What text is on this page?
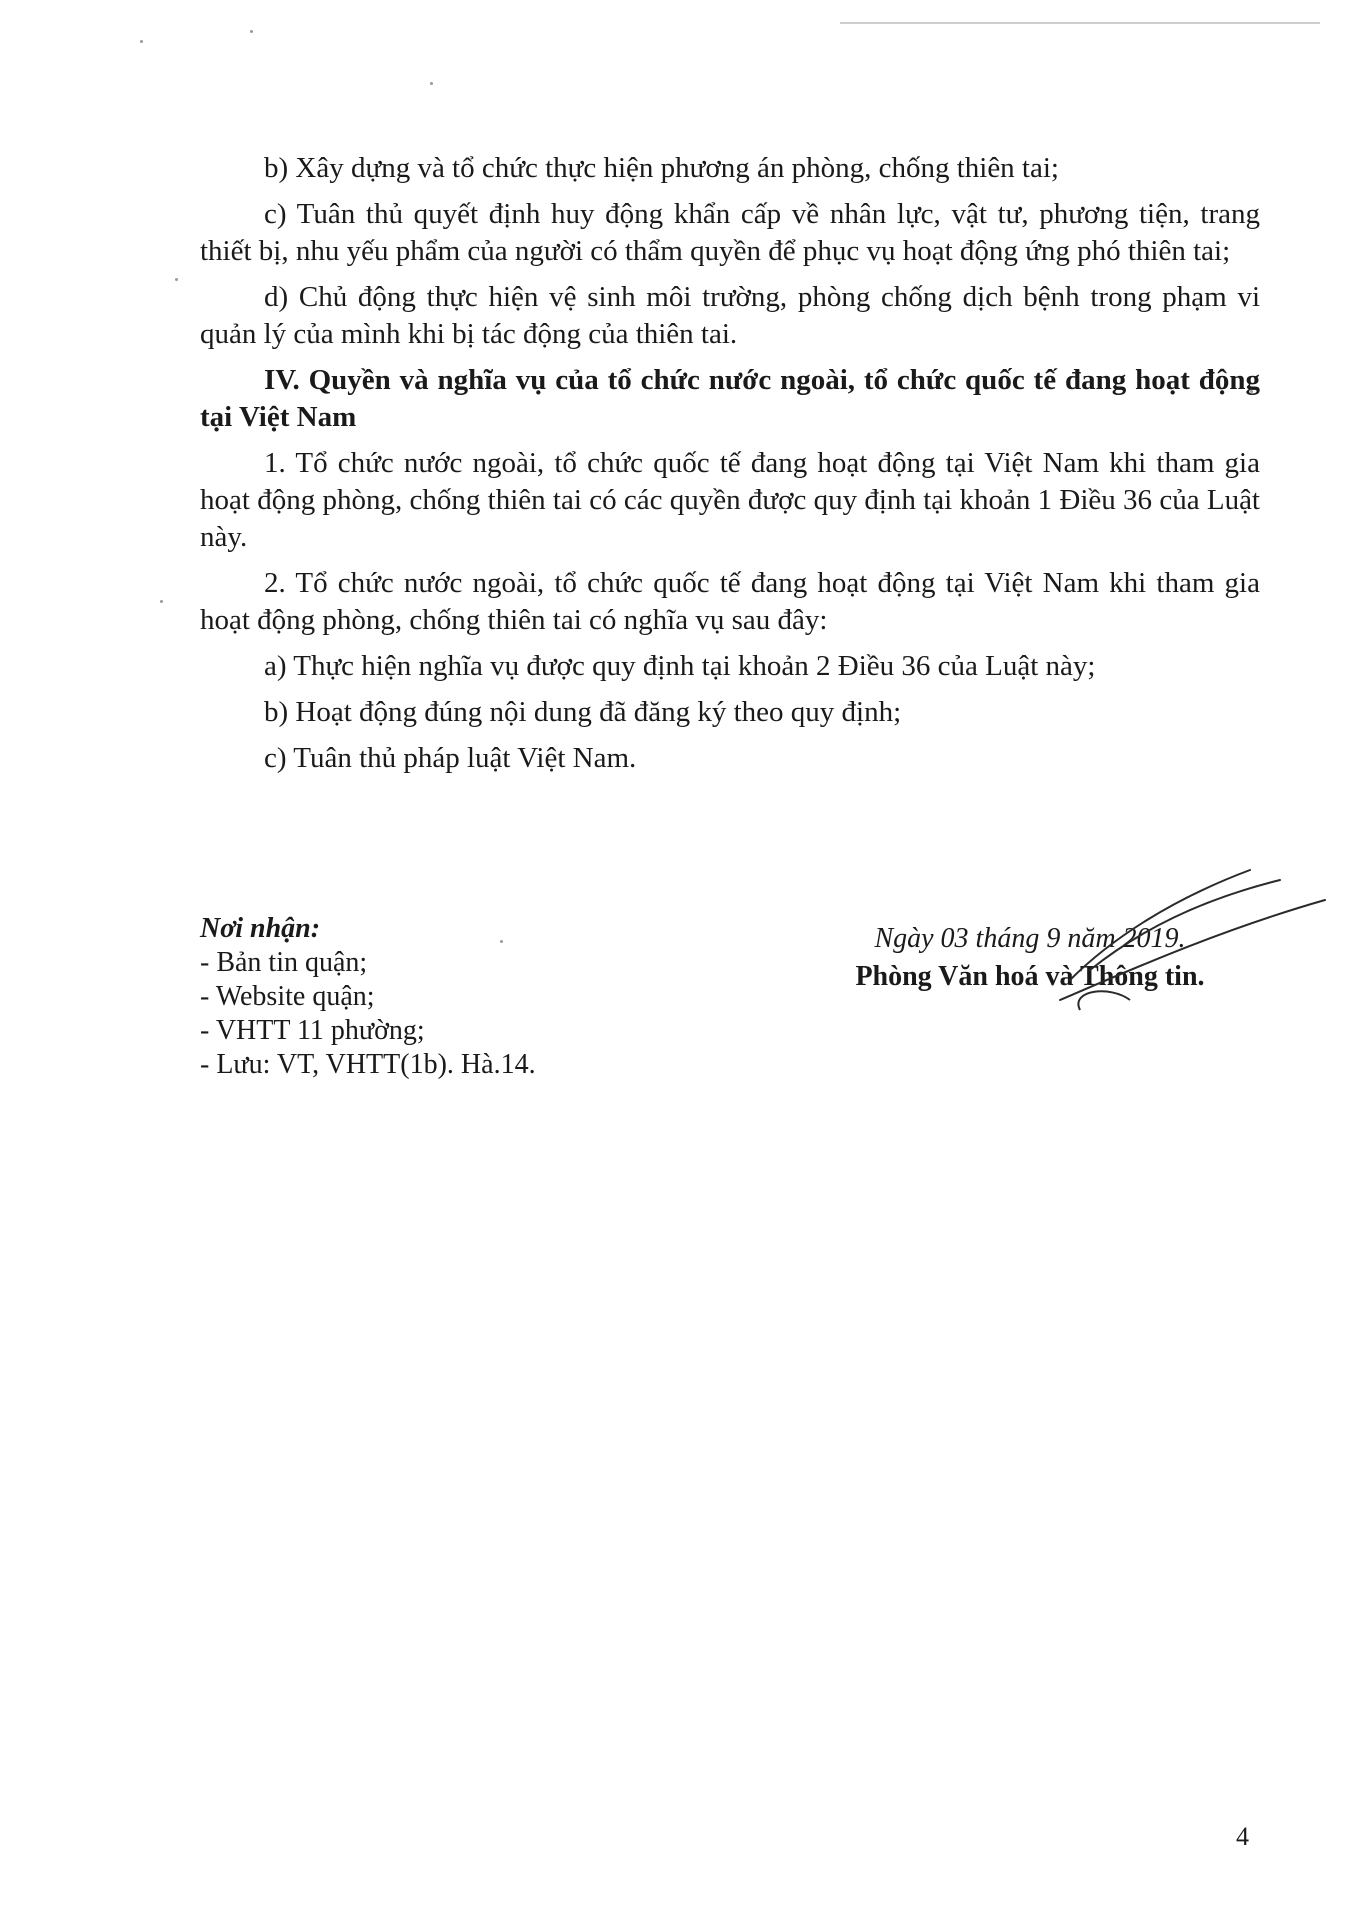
b) Xây dựng và tổ chức thực hiện phương án phòng, chống thiên tai;

c) Tuân thủ quyết định huy động khẩn cấp về nhân lực, vật tư, phương tiện, trang thiết bị, nhu yếu phẩm của người có thẩm quyền để phục vụ hoạt động ứng phó thiên tai;

d) Chủ động thực hiện vệ sinh môi trường, phòng chống dịch bệnh trong phạm vi quản lý của mình khi bị tác động của thiên tai.

IV. Quyền và nghĩa vụ của tổ chức nước ngoài, tổ chức quốc tế đang hoạt động tại Việt Nam

1. Tổ chức nước ngoài, tổ chức quốc tế đang hoạt động tại Việt Nam khi tham gia hoạt động phòng, chống thiên tai có các quyền được quy định tại khoản 1 Điều 36 của Luật này.

2. Tổ chức nước ngoài, tổ chức quốc tế đang hoạt động tại Việt Nam khi tham gia hoạt động phòng, chống thiên tai có nghĩa vụ sau đây:

a) Thực hiện nghĩa vụ được quy định tại khoản 2 Điều 36 của Luật này;

b) Hoạt động đúng nội dung đã đăng ký theo quy định;

c) Tuân thủ pháp luật Việt Nam.

Nơi nhận:
- Bản tin quận;
- Website quận;
- VHTT 11 phường;
- Lưu: VT, VHTT(1b). Hà.14.
Ngày 03 tháng 9 năm 2019.
Phòng Văn hoá và Thông tin.
4
